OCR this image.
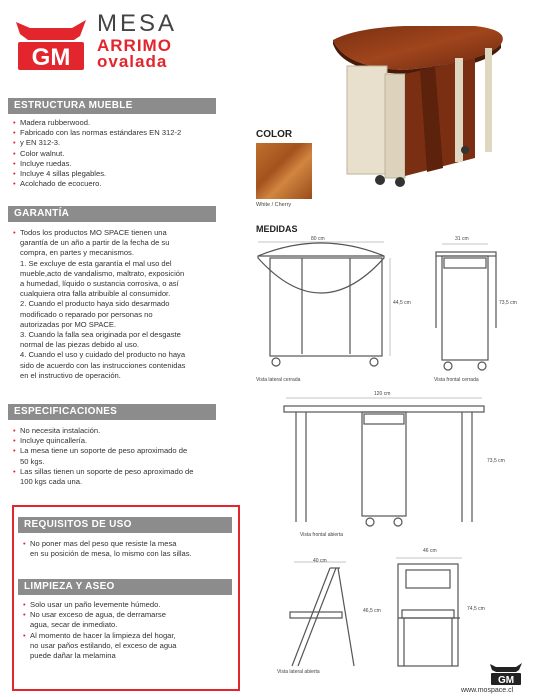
GM
MESA
ARRIMO
ovalada
ESTRUCTURA MUEBLE
• Madera rubberwood.
• Fabricado con las normas estándares EN 312-2
• y EN 312-3.
• Color walnut.
• Incluye ruedas.
• Incluye 4 sillas plegables.
• Acolchado de ecocuero.
GARANTÍA
• Todos los productos MO SPACE tienen una
garantía de un año a partir de la fecha de su
compra, en partes y mecanismos.
1. Se excluye de esta garantía el mal uso del
mueble,acto de vandalismo, maltrato, exposición
a humedad, líquido o sustancia corrosiva, o así
cualquiera otra falla atribuible al consumidor.
2. Cuando el producto haya sido desarmado
modificado o reparado por personas no
autorizadas por MO SPACE.
3. Cuando la falla sea originada por el desgaste
normal de las piezas debido al uso.
4. Cuando el uso y cuidado del producto no haya
sido de acuerdo con las instrucciones contenidas
en el instructivo de operación.
ESPECIFICACIONES
• No necesita instalación.
• Incluye quincallería.
• La mesa tiene un soporte de peso aproximado de
50 kgs.
• Las sillas tienen un soporte de peso aproximado de
100 kgs cada una.
REQUISITOS DE USO
• No poner mas del peso que resiste la mesa
en su posición de mesa, lo mismo con las sillas.
LIMPIEZA Y ASEO
• Solo usar un paño levemente húmedo.
• No usar exceso de agua, de derramarse
agua, secar de inmediato.
• Al momento de hacer la limpieza del hogar,
no usar paños estilando, el exceso de agua
puede dañar la melamina
COLOR
White / Cherry
MEDIDAS
80 cm
44,5 cm
Vista lateral cerrada
31 cm
73,5 cm
Vista frontal cerrada
120 cm
73,5 cm
Vista frontal abierta
40 cm
46,5 cm
Vista lateral abierta
46 cm
74,5 cm
GM
www.mospace.cl
